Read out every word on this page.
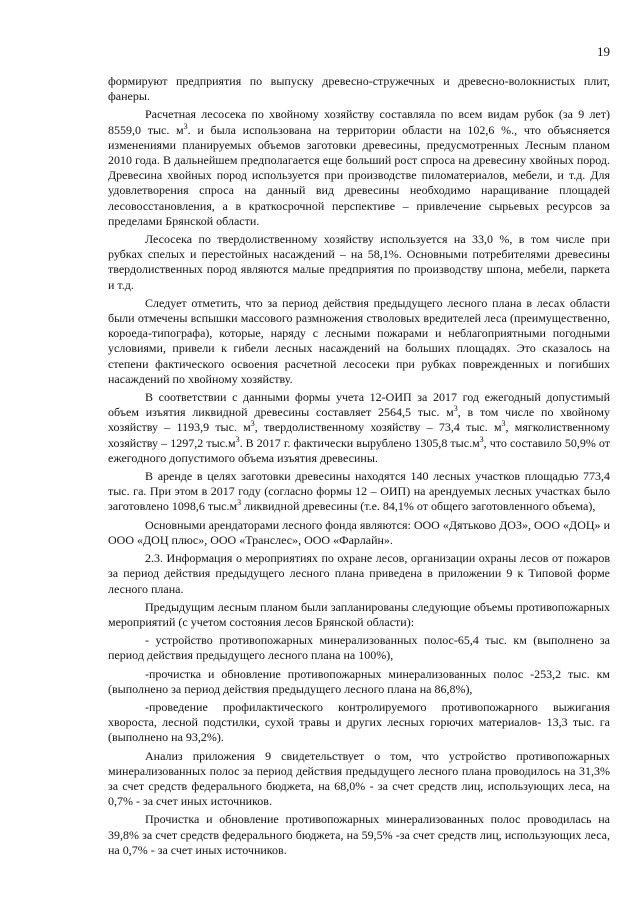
19

формируют предприятия по выпуску древесно-стружечных и древесно-волокнистых плит, фанеры.

Расчетная лесосека по хвойному хозяйству составляла по всем видам рубок (за 9 лет) 8559,0 тыс. $м^3$. и была использована на территории области на 102,6 %., что объясняется изменениями планируемых объемов заготовки древесины, предусмотренных Лесным планом 2010 года. В дальнейшем предполагается еще больший рост спроса на древесину хвойных пород. Древесина хвойных пород используется при производстве пиломатериалов, мебели, и т.д. Для удовлетворения спроса на данный вид древесины необходимо наращивание площадей лесовосстановления, а в краткосрочной перспективе – привлечение сырьевых ресурсов за пределами Брянской области.

Лесосека по твердолиственному хозяйству используется на 33,0 %, в том числе при рубках спелых и перестойных насаждений – на 58,1%. Основными потребителями древесины твердолиственных пород являются малые предприятия по производству шпона, мебели, паркета и т.д.

Следует отметить, что за период действия предыдущего лесного плана в лесах области были отмечены вспышки массового размножения стволовых вредителей леса (преимущественно, короеда-типографа), которые, наряду с лесными пожарами и неблагоприятными погодными условиями, привели к гибели лесных насаждений на больших площадях. Это сказалось на степени фактического освоения расчетной лесосеки при рубках поврежденных и погибших насаждений по хвойному хозяйству.

В соответствии с данными формы учета 12-ОИП за 2017 год ежегодный допустимый объем изъятия ликвидной древесины составляет 2564,5 тыс. $м^3$, в том числе по хвойному хозяйству – 1193,9 тыс. $м^3$, твердолиственному хозяйству – 73,4 тыс. $м^3$, мягколиственному хозяйству – 1297,2 $тыс.м^3$. В 2017 г. фактически вырублено 1305,8 $тыс.м^3$, что составило 50,9% от ежегодного допустимого объема изъятия древесины.

В аренде в целях заготовки древесины находятся 140 лесных участков площадью 773,4 тыс. га. При этом в 2017 году (согласно формы 12 – ОИП) на арендуемых лесных участках было заготовлено 1098,6 $тыс.м^3$ ликвидной древесины (т.е. 84,1% от общего заготовленного объема),

Основными арендаторами лесного фонда являются: ООО «Дятьково ДОЗ», ООО «ДОЦ» и ООО «ДОЦ плюс», ООО «Транслес», ООО «Фарлайн».

2.3. Информация о мероприятиях по охране лесов, организации охраны лесов от пожаров за период действия предыдущего лесного плана приведена в приложении 9 к Типовой форме лесного плана.

Предыдущим лесным планом были запланированы следующие объемы противопожарных мероприятий (с учетом состояния лесов Брянской области):

- устройство противопожарных минерализованных полос-65,4 тыс. км (выполнено за период действия предыдущего лесного плана на 100%),

-прочистка и обновление противопожарных минерализованных полос -253,2 тыс. км (выполнено за период действия предыдущего лесного плана на 86,8%),

-проведение профилактического контролируемого противопожарного выжигания хвороста, лесной подстилки, сухой травы и других лесных горючих материалов- 13,3 тыс. га (выполнено на 93,2%).

Анализ приложения 9 свидетельствует о том, что устройство противопожарных минерализованных полос за период действия предыдущего лесного плана проводилось на 31,3% за счет средств федерального бюджета, на 68,0% - за счет средств лиц, использующих леса, на 0,7% - за счет иных источников.

Прочистка и обновление противопожарных минерализованных полос проводилась на 39,8% за счет средств федерального бюджета, на 59,5% -за счет средств лиц, использующих леса, на 0,7% - за счет иных источников.
